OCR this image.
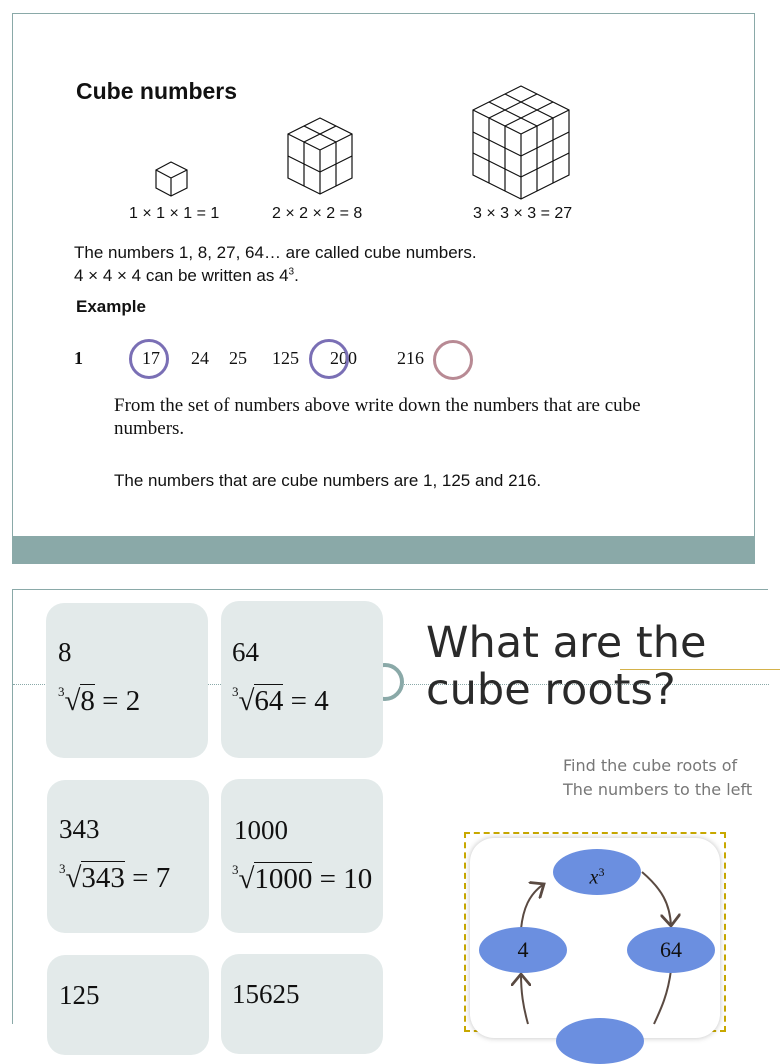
Cube numbers
1 × 1 × 1 = 1	2 × 2 × 2 = 8	3 × 3 × 3 = 27
The numbers 1, 8, 27, 64… are called cube numbers.
4 × 4 × 4 can be written as $4^3$.
Example
1	17 24 25 125 200 216
From the set of numbers above write down the numbers that are cube numbers.
The numbers that are cube numbers are 1, 125 and 216.
8
$^3$√8 = 2
64
$^3$√64 = 4
343
$^3$√343 = 7
1000
$^3$√1000 = 10
125	15625
What are the cube roots?
Find the cube roots of
The numbers to the left
$x^3$
4	64
